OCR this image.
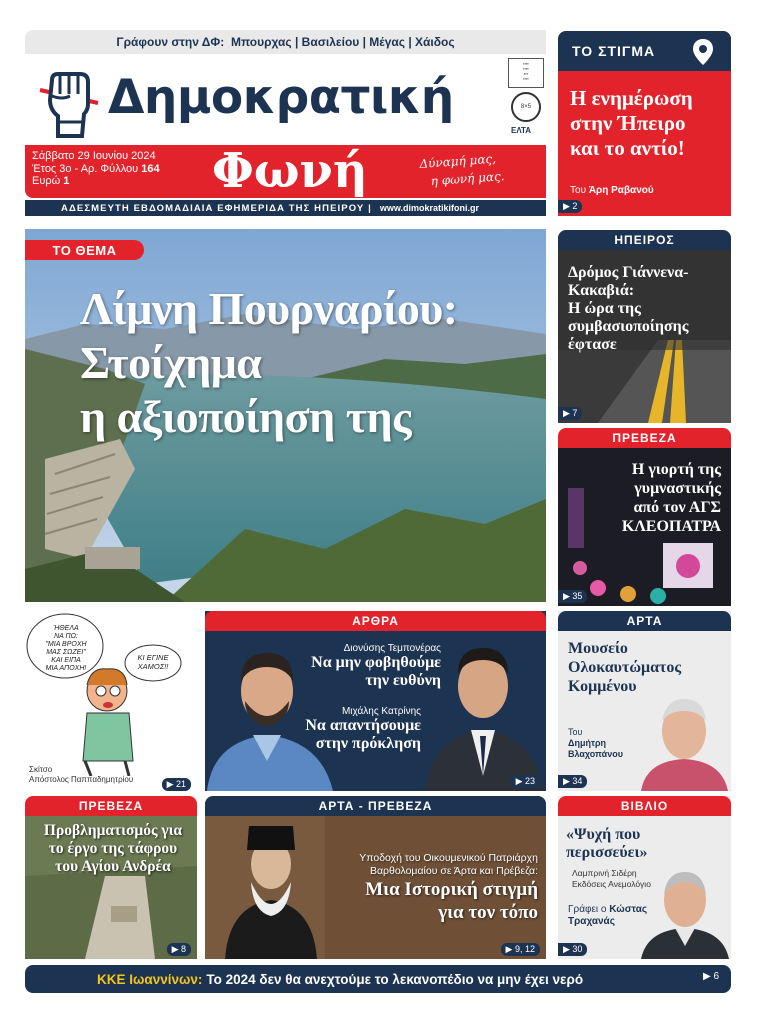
Γράφουν στην ΔΦ:
Μπουρχας | Βασιλείου | Μέγας | Χάιδος
Δημοκρατική
▪▪▪▪
▪▪▪▪
▪▪▪
▪▪▪▪
8×5
ΕΛΤΑ
Σάββατο 29 Ιουνίου 2024
Έτος 3ο - Αρ. Φύλλου 164
Ευρώ 1	Φωνή	Δύναμή μας,
η φωνή μας.
ΑΔΕΣΜΕΥΤΗ ΕΒΔΟΜΑΔΙΑΙΑ ΕΦΗΜΕΡΙΔΑ ΤΗΣ ΗΠΕΙΡΟΥ | www.dimokratikifoni.gr
ΤΟ ΘΕΜΑ
Λίμνη Πουρναρίου:
Στοίχημα
η αξιοποίηση της
ΤΟ ΣΤΙΓΜΑ
Η ενημέρωση
στην Ήπειρο
και το αντίο!
Του Άρη Ραβανού
▶ 2
ΗΠΕΙΡΟΣ
Δρόμος Γιάννενα-
Κακαβιά:
Η ώρα της
συμβασιοποίησης
έφτασε
▶ 7
ΠΡΕΒΕΖΑ
Η γιορτή της
γυμναστικής
από τον ΑΓΣ
ΚΛΕΟΠΑΤΡΑ
▶ 35
ΑΡΤΑ
Μουσείο
Ολοκαυτώματος
Κομμένου
Του
Δημήτρη
Βλαχοπάνου
▶ 34
ΒΙΒΛΙΟ
«Ψυχή που
περισσεύει»
Λαμπρινή Σιδέρη
Εκδόσεις Ανεμολόγιο
Γράφει ο Κώστας
Τραχανάς
▶ 30
ΉΘΕΛΑ
ΝΑ ΠΩ:
"ΜΙΑ ΒΡΟΧΗ
ΜΑΣ ΣΩΖΕΙ"
ΚΑΙ ΕΙΠΑ
ΜΙΑ ΑΠΟΧΗ!
ΚΙ ΕΓΙΝΕ
ΧΑΜΟΣ!!
Σκίτσο
Απόστολος Παππαδημητρίου	▶ 21
ΑΡΘΡΑ
Διονύσης Τεμπονέρας
Να μην φοβηθούμε
την ευθύνη
Μιχάλης Κατρίνης
Να απαντήσουμε
στην πρόκληση
▶ 23
ΠΡΕΒΕΖΑ
Προβληματισμός για
το έργο της τάφρου
του Αγίου Ανδρέα
▶ 8
ΑΡΤΑ - ΠΡΕΒΕΖΑ
Υποδοχή του Οικουμενικού Πατριάρχη
Βαρθολομαίου σε Άρτα και Πρέβεζα:
Μια Ιστορική στιγμή
για τον τόπο
▶ 9, 12
ΚΚΕ Ιωαννίνων: Το 2024 δεν θα ανεχτούμε το λεκανοπέδιο να μην έχει νερό	▶ 6
